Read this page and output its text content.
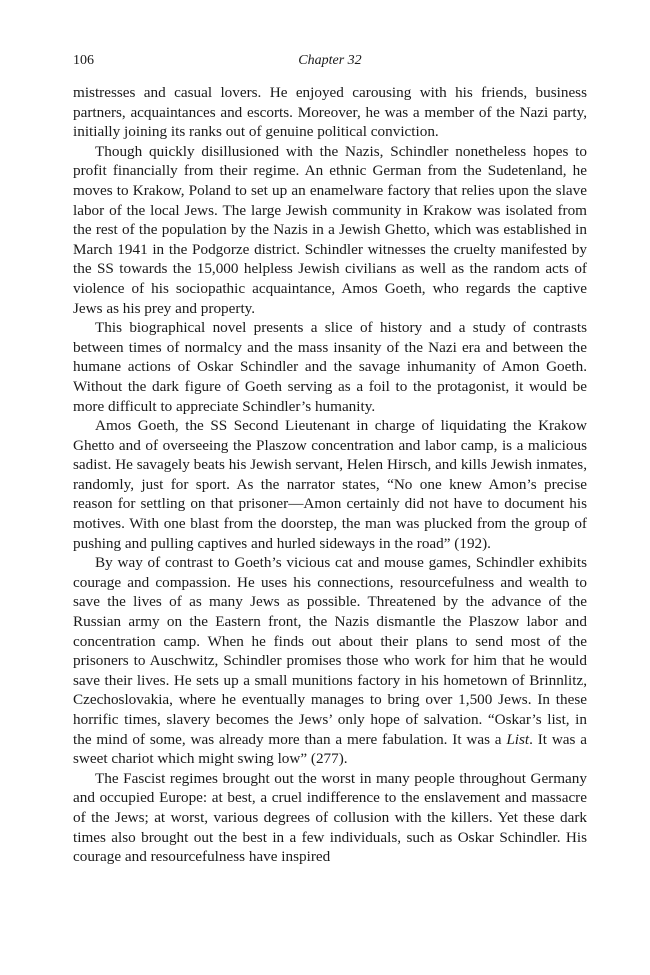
106	Chapter 32

mistresses and casual lovers. He enjoyed carousing with his friends, business partners, acquaintances and escorts. Moreover, he was a member of the Nazi party, initially joining its ranks out of genuine political conviction.

Though quickly disillusioned with the Nazis, Schindler nonetheless hopes to profit financially from their regime. An ethnic German from the Sudetenland, he moves to Krakow, Poland to set up an enamelware factory that relies upon the slave labor of the local Jews. The large Jewish community in Krakow was isolated from the rest of the population by the Nazis in a Jewish Ghetto, which was established in March 1941 in the Podgorze district. Schindler witnesses the cruelty manifested by the SS towards the 15,000 helpless Jewish civilians as well as the random acts of violence of his sociopathic acquaintance, Amos Goeth, who regards the captive Jews as his prey and property.

This biographical novel presents a slice of history and a study of contrasts between times of normalcy and the mass insanity of the Nazi era and between the humane actions of Oskar Schindler and the savage inhumanity of Amon Goeth. Without the dark figure of Goeth serving as a foil to the protagonist, it would be more difficult to appreciate Schindler’s humanity.

Amos Goeth, the SS Second Lieutenant in charge of liquidating the Krakow Ghetto and of overseeing the Plaszow concentration and labor camp, is a malicious sadist. He savagely beats his Jewish servant, Helen Hirsch, and kills Jewish inmates, randomly, just for sport. As the narrator states, “No one knew Amon’s precise reason for settling on that prisoner—Amon certainly did not have to document his motives. With one blast from the doorstep, the man was plucked from the group of pushing and pulling captives and hurled sideways in the road” (192).

By way of contrast to Goeth’s vicious cat and mouse games, Schindler exhibits courage and compassion. He uses his connections, resourcefulness and wealth to save the lives of as many Jews as possible. Threatened by the advance of the Russian army on the Eastern front, the Nazis dismantle the Plaszow labor and concentration camp. When he finds out about their plans to send most of the prisoners to Auschwitz, Schindler promises those who work for him that he would save their lives. He sets up a small munitions factory in his hometown of Brinnlitz, Czechoslovakia, where he eventually manages to bring over 1,500 Jews. In these horrific times, slavery becomes the Jews’ only hope of salvation. “Oskar’s list, in the mind of some, was already more than a mere fabulation. It was a List. It was a sweet chariot which might swing low” (277).

The Fascist regimes brought out the worst in many people throughout Germany and occupied Europe: at best, a cruel indifference to the enslavement and massacre of the Jews; at worst, various degrees of collusion with the killers. Yet these dark times also brought out the best in a few individuals, such as Oskar Schindler. His courage and resourcefulness have inspired
